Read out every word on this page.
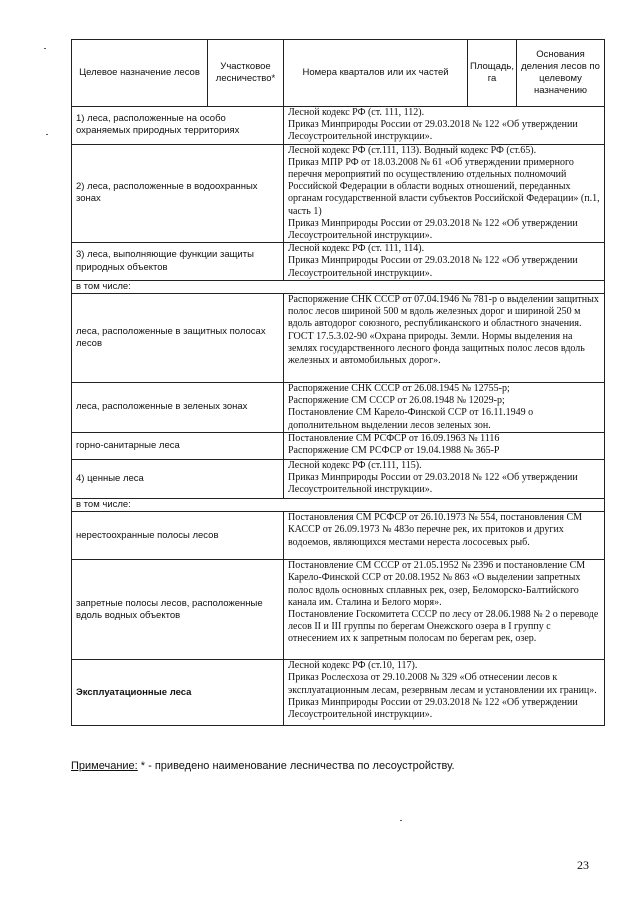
Целевое назначение лесов	Участковое лесничество*	Номера кварталов или их частей	Площадь, га	Основания деления лесов по целевому назначению
1) леса, расположенные на особо охраняемых природных территориях		Лесной кодекс РФ (ст. 111, 112).
Приказ Минприроды России от 29.03.2018 № 122 «Об утверждении Лесоустроительной инструкции».		

2) леса, расположенные в водоохранных зонах		Лесной кодекс РФ (ст.111, 113). Водный кодекс РФ (ст.65).
Приказ МПР РФ от 18.03.2008 № 61 «Об утверждении примерного перечня мероприятий по осуществлению отдельных полномочий Российской Федерации в области водных отношений, переданных органам государственной власти субъектов Российской Федерации» (п.1, часть 1)
Приказ Минприроды России от 29.03.2018 № 122 «Об утверждении Лесоустроительной инструкции».		

3) леса, выполняющие функции защиты природных объектов		Лесной кодекс РФ (ст. 111, 114).
Приказ Минприроды России от 29.03.2018 № 122 «Об утверждении Лесоустроительной инструкции».		

в том числе:				
леса, расположенные в защитных полосах лесов		Распоряжение СНК СССР от 07.04.1946 № 781-р о выделении защитных полос лесов шириной 500 м вдоль железных дорог и шириной 250 м вдоль автодорог союзного, республиканского и областного значения.
ГОСТ 17.5.3.02-90 «Охрана природы. Земли. Нормы выделения на землях государственного лесного фонда защитных полос лесов вдоль железных и автомобильных дорог».		

леса, расположенные в зеленых зонах		Распоряжение СНК СССР от 26.08.1945 № 12755-р;
Распоряжение СМ СССР от 26.08.1948 № 12029-р;
Постановление СМ Карело-Финской ССР от 16.11.1949 о дополнительном выделении лесов зеленых зон.		

горно-санитарные леса		Постановление СМ РСФСР от 16.09.1963 № 1116
Распоряжение СМ РСФСР от 19.04.1988 № 365-Р		

4) ценные леса		Лесной кодекс РФ (ст.111, 115).
Приказ Минприроды России от 29.03.2018 № 122 «Об утверждении Лесоустроительной инструкции».		

в том числе:				
нерестоохранные полосы лесов		Постановления СМ РСФСР от 26.10.1973 № 554, постановления СМ КАССР от 26.09.1973 № 483о перечне рек, их притоков и других водоемов, являющихся местами нереста лососевых рыб.		

запретные полосы лесов, расположенные вдоль водных объектов		Постановление СМ СССР от 21.05.1952 № 2396 и постановление СМ Карело-Финской ССР от 20.08.1952 № 863 «О выделении запретных полос вдоль основных сплавных рек, озер, Беломорско-Балтийского канала им. Сталина и Белого моря».
Постановление Госкомитета СССР по лесу от 28.06.1988 № 2 о переводе лесов II и III группы по берегам Онежского озера в I группу с отнесением их к запретным полосам по берегам рек, озер.		

Эксплуатационные леса		Лесной кодекс РФ (ст.10, 117).
Приказ Рослесхоза от 29.10.2008 № 329 «Об отнесении лесов к эксплуатационным лесам, резервным лесам и установлении их границ».
Приказ Минприроды России от 29.03.2018 № 122 «Об утверждении Лесоустроительной инструкции».		
Примечание: * - приведено наименование лесничества по лесоустройству.
23
